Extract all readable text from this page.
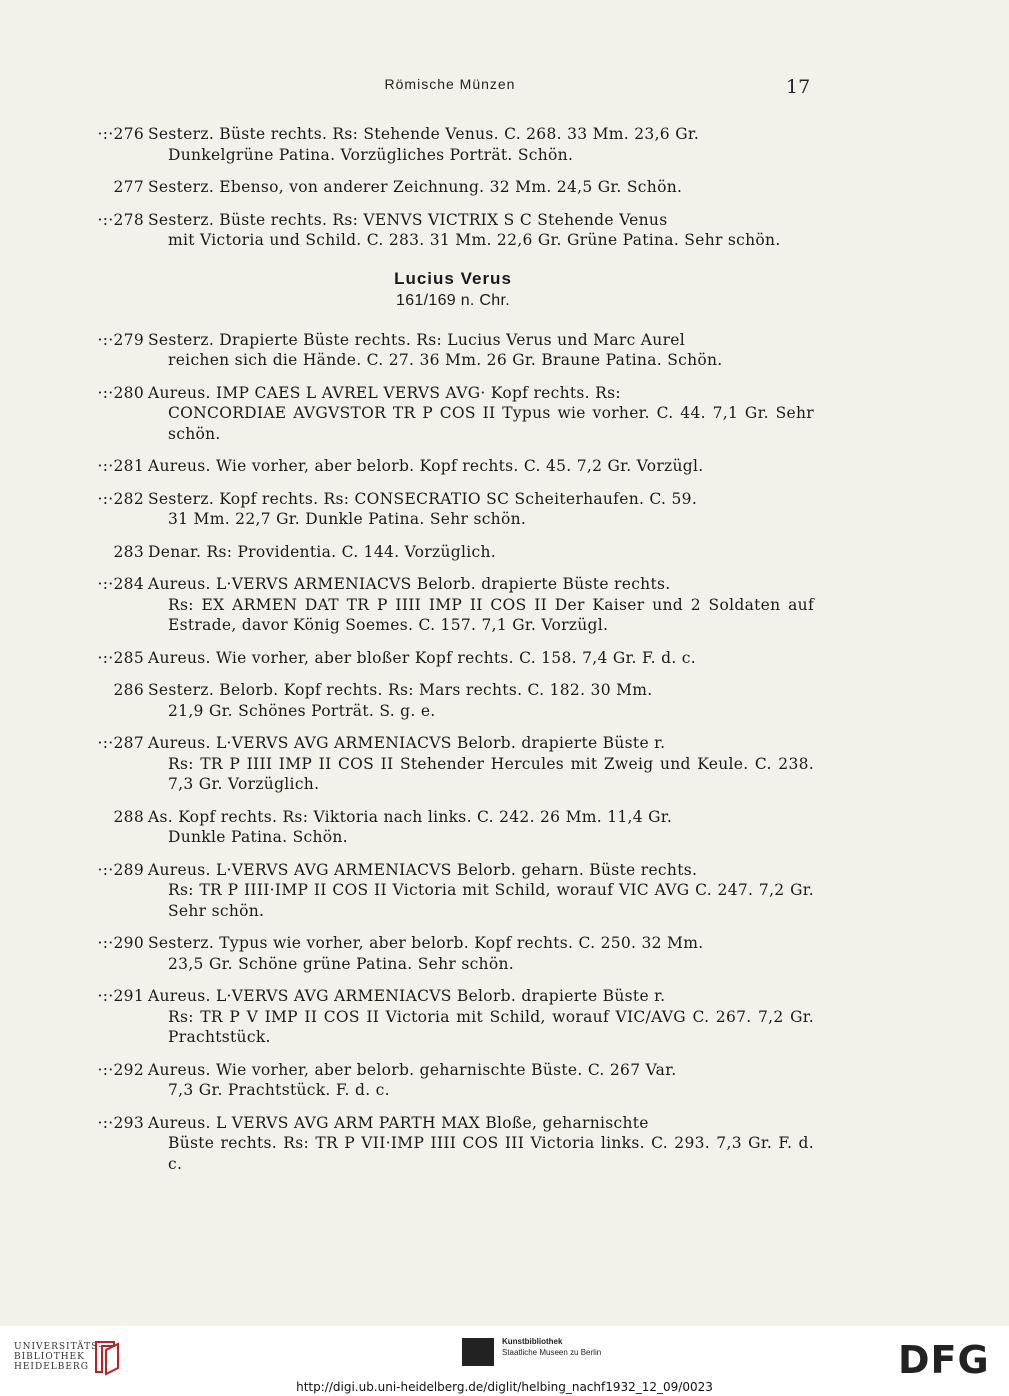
Römische Münzen	17
·:·276 Sesterz. Büste rechts. Rs: Stehende Venus. C. 268. 33 Mm. 23,6 Gr.
Dunkelgrüne Patina. Vorzügliches Porträt. Schön.
277 Sesterz. Ebenso, von anderer Zeichnung. 32 Mm. 24,5 Gr. Schön.
·:·278 Sesterz. Büste rechts. Rs: VENVS VICTRIX S C Stehende Venus
mit Victoria und Schild. C. 283. 31 Mm. 22,6 Gr. Grüne Patina. Sehr schön.
Lucius Verus
161/169 n. Chr.
·:·279 Sesterz. Drapierte Büste rechts. Rs: Lucius Verus und Marc Aurel
reichen sich die Hände. C. 27. 36 Mm. 26 Gr. Braune Patina. Schön.
·:·280 Aureus. IMP CAES L AVREL VERVS AVG· Kopf rechts. Rs:
CONCORDIAE AVGVSTOR TR P COS II Typus wie vorher. C. 44. 7,1 Gr. Sehr schön.
·:·281 Aureus. Wie vorher, aber belorb. Kopf rechts. C. 45. 7,2 Gr. Vorzügl.
·:·282 Sesterz. Kopf rechts. Rs: CONSECRATIO SC Scheiterhaufen. C. 59.
31 Mm. 22,7 Gr. Dunkle Patina. Sehr schön.
283 Denar. Rs: Providentia. C. 144. Vorzüglich.
·:·284 Aureus. L·VERVS ARMENIACVS Belorb. drapierte Büste rechts.
Rs: EX ARMEN DAT TR P IIII IMP II COS II Der Kaiser und 2 Soldaten auf Estrade, davor König Soemes. C. 157. 7,1 Gr. Vorzügl.
·:·285 Aureus. Wie vorher, aber bloßer Kopf rechts. C. 158. 7,4 Gr. F. d. c.
286 Sesterz. Belorb. Kopf rechts. Rs: Mars rechts. C. 182. 30 Mm.
21,9 Gr. Schönes Porträt. S. g. e.
·:·287 Aureus. L·VERVS AVG ARMENIACVS Belorb. drapierte Büste r.
Rs: TR P IIII IMP II COS II Stehender Hercules mit Zweig und Keule. C. 238. 7,3 Gr. Vorzüglich.
288 As. Kopf rechts. Rs: Viktoria nach links. C. 242. 26 Mm. 11,4 Gr.
Dunkle Patina. Schön.
·:·289 Aureus. L·VERVS AVG ARMENIACVS Belorb. geharn. Büste rechts.
Rs: TR P IIII·IMP II COS II Victoria mit Schild, worauf VIC AVG C. 247. 7,2 Gr. Sehr schön.
·:·290 Sesterz. Typus wie vorher, aber belorb. Kopf rechts. C. 250. 32 Mm.
23,5 Gr. Schöne grüne Patina. Sehr schön.
·:·291 Aureus. L·VERVS AVG ARMENIACVS Belorb. drapierte Büste r.
Rs: TR P V IMP II COS II Victoria mit Schild, worauf VIC/AVG C. 267. 7,2 Gr. Prachtstück.
·:·292 Aureus. Wie vorher, aber belorb. geharnischte Büste. C. 267 Var.
7,3 Gr. Prachtstück. F. d. c.
·:·293 Aureus. L VERVS AVG ARM PARTH MAX Bloße, geharnischte
Büste rechts. Rs: TR P VII·IMP IIII COS III Victoria links. C. 293. 7,3 Gr. F. d. c.
UNIVERSITÄTS-
BIBLIOTHEK
HEIDELBERG
Kunstbibliothek
Staatliche Museen zu Berlin	DFG
http://digi.ub.uni-heidelberg.de/diglit/helbing_nachf1932_12_09/0023
